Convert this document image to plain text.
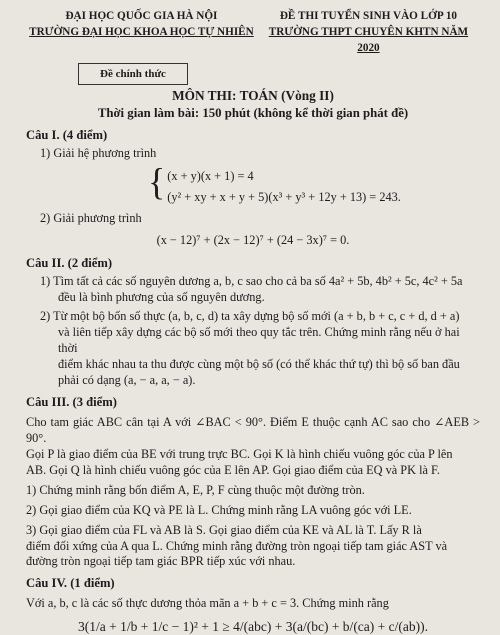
ĐẠI HỌC QUỐC GIA HÀ NỘI
TRƯỜNG ĐẠI HỌC KHOA HỌC TỰ NHIÊN
ĐỀ THI TUYỂN SINH VÀO LỚP 10
TRƯỜNG THPT CHUYÊN KHTN NĂM 2020
Đề chính thức
MÔN THI: TOÁN (Vòng II)
Thời gian làm bài: 150 phút (không kể thời gian phát đề)
Câu I. (4 điểm)
1) Giải hệ phương trình
{ (x + y)(x + 1) = 4
(y² + xy + x + y + 5)(x³ + y³ + 12y + 13) = 243.
2) Giải phương trình
(x − 12)⁷ + (2x − 12)⁷ + (24 − 3x)⁷ = 0.
Câu II. (2 điểm)
1) Tìm tất cả các số nguyên dương a, b, c sao cho cả ba số 4a² + 5b, 4b² + 5c, 4c² + 5a
đều là bình phương của số nguyên dương.
2) Từ một bộ bốn số thực (a, b, c, d) ta xây dựng bộ số mới (a + b, b + c, c + d, d + a)
và liên tiếp xây dựng các bộ số mới theo quy tắc trên. Chứng minh rằng nếu ở hai thời
điểm khác nhau ta thu được cùng một bộ số (có thể khác thứ tự) thì bộ số ban đầu
phải có dạng (a, − a, a, − a).
Câu III. (3 điểm)
Cho tam giác ABC cân tại A với ∠BAC < 90°. Điểm E thuộc cạnh AC sao cho ∠AEB > 90°.
Gọi P là giao điểm của BE với trung trực BC. Gọi K là hình chiếu vuông góc của P lên
AB. Gọi Q là hình chiếu vuông góc của E lên AP. Gọi giao điểm của EQ và PK là F.
1) Chứng minh rằng bốn điểm A, E, P, F cùng thuộc một đường tròn.
2) Gọi giao điểm của KQ và PE là L. Chứng minh rằng LA vuông góc với LE.
3) Gọi giao điểm của FL và AB là S. Gọi giao điểm của KE và AL là T. Lấy R là
điểm đối xứng của A qua L. Chứng minh rằng đường tròn ngoại tiếp tam giác AST và
đường tròn ngoại tiếp tam giác BPR tiếp xúc với nhau.
Câu IV. (1 điểm)
Với a, b, c là các số thực dương thỏa mãn a + b + c = 3. Chứng minh rằng
3(1/a + 1/b + 1/c − 1)² + 1 ≥ 4/(abc) + 3(a/(bc) + b/(ca) + c/(ab)).
